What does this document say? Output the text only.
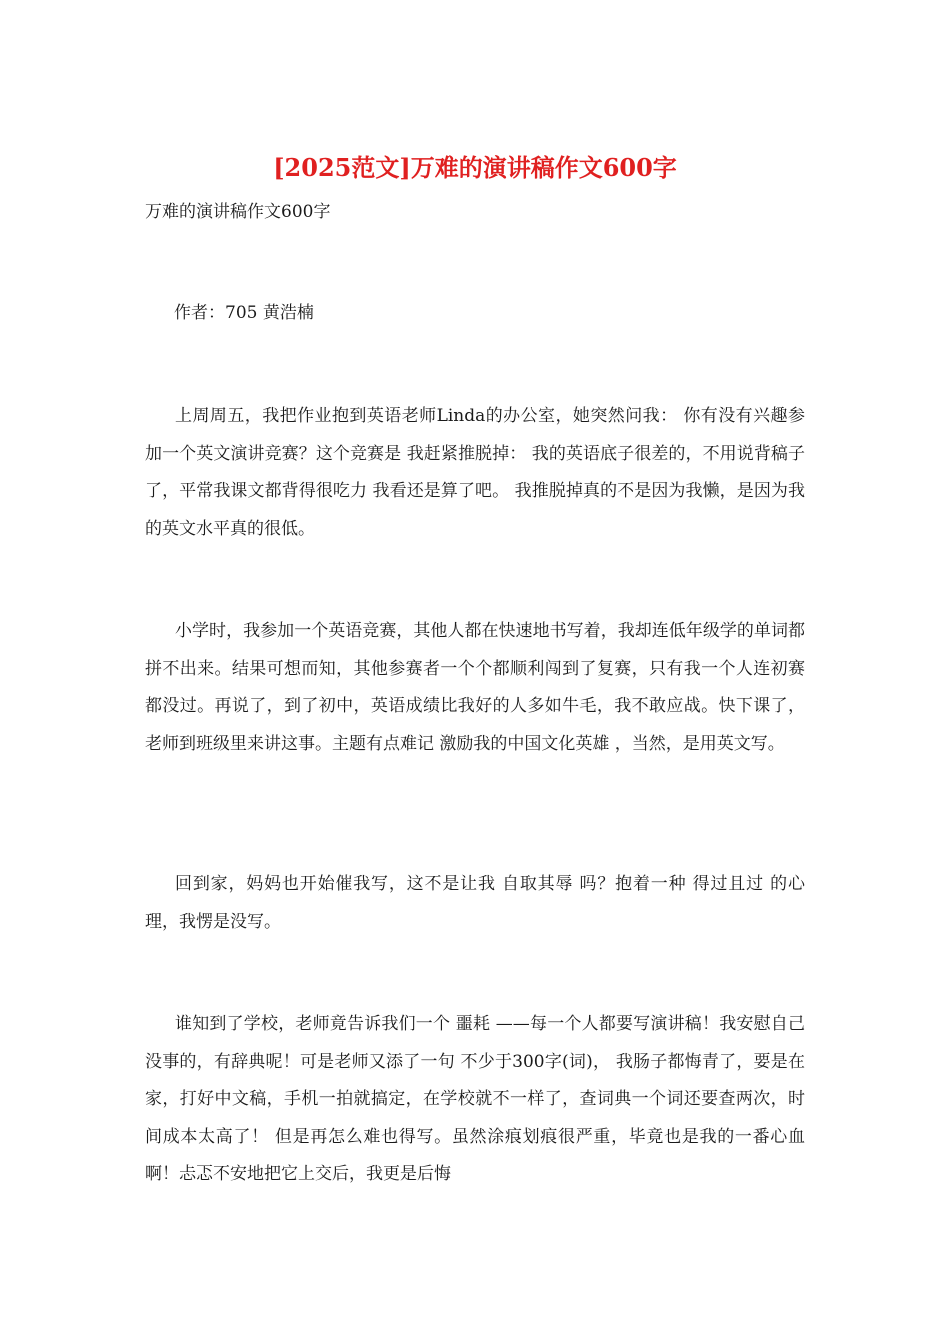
[2025范文]万难的演讲稿作文600字
万难的演讲稿作文600字
作者：705 黄浩楠

上周周五，我把作业抱到英语老师Linda的办公室，她突然问我： 你有没有兴趣参加一个英文演讲竞赛？这个竞赛是 我赶紧推脱掉： 我的英语底子很差的，不用说背稿子了，平常我课文都背得很吃力 我看还是算了吧。 我推脱掉真的不是因为我懒，是因为我的英文水平真的很低。

小学时，我参加一个英语竞赛，其他人都在快速地书写着，我却连低年级学的单词都拼不出来。结果可想而知，其他参赛者一个个都顺利闯到了复赛，只有我一个人连初赛都没过。再说了，到了初中，英语成绩比我好的人多如牛毛，我不敢应战。快下课了，老师到班级里来讲这事。主题有点难记 激励我的中国文化英雄 ，当然，是用英文写。

回到家，妈妈也开始催我写，这不是让我 自取其辱 吗？抱着一种 得过且过 的心理，我愣是没写。

谁知到了学校，老师竟告诉我们一个 噩耗 ——每一个人都要写演讲稿！我安慰自己没事的，有辞典呢！可是老师又添了一句 不少于300字(词)， 我肠子都悔青了，要是在家，打好中文稿，手机一拍就搞定，在学校就不一样了，查词典一个词还要查两次，时间成本太高了！ 但是再怎么难也得写。虽然涂痕划痕很严重，毕竟也是我的一番心血啊！忐忑不安地把它上交后，我更是后悔
